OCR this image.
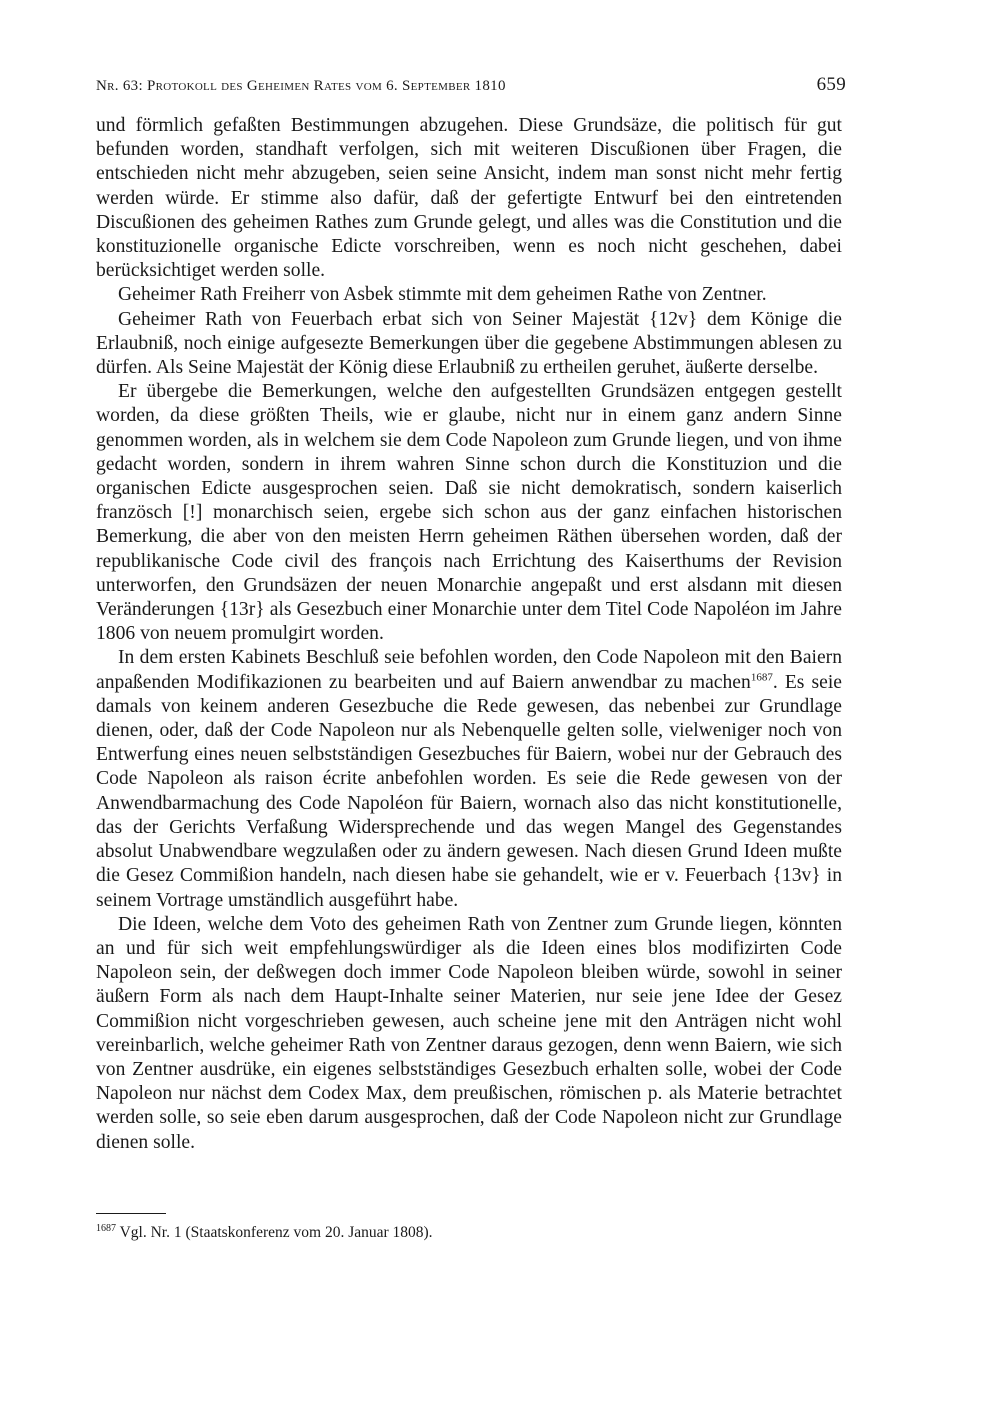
Nr. 63: Protokoll des Geheimen Rates vom 6. September 1810	659

und förmlich gefaßten Bestimmungen abzugehen. Diese Grundsäze, die politisch für gut befunden worden, standhaft verfolgen, sich mit weiteren Discußionen über Fragen, die entschieden nicht mehr abzugeben, seien seine Ansicht, indem man sonst nicht mehr fertig werden würde. Er stimme also dafür, daß der gefertigte Entwurf bei den eintretenden Discußionen des geheimen Rathes zum Grunde gelegt, und alles was die Constitution und die konstituzionelle organische Edicte vorschreiben, wenn es noch nicht geschehen, dabei berücksichtiget werden solle.

Geheimer Rath Freiherr von Asbek stimmte mit dem geheimen Rathe von Zentner.

Geheimer Rath von Feuerbach erbat sich von Seiner Majestät {12v} dem Könige die Erlaubniß, noch einige aufgesezte Bemerkungen über die gegebene Abstimmungen ablesen zu dürfen. Als Seine Majestät der König diese Erlaubniß zu ertheilen geruhet, äußerte derselbe.

Er übergebe die Bemerkungen, welche den aufgestellten Grundsäzen entgegen gestellt worden, da diese größten Theils, wie er glaube, nicht nur in einem ganz andern Sinne genommen worden, als in welchem sie dem Code Napoleon zum Grunde liegen, und von ihme gedacht worden, sondern in ihrem wahren Sinne schon durch die Konstituzion und die organischen Edicte ausgesprochen seien. Daß sie nicht demokratisch, sondern kaiserlich französch [!] monarchisch seien, ergebe sich schon aus der ganz einfachen historischen Bemerkung, die aber von den meisten Herrn geheimen Räthen übersehen worden, daß der republikanische Code civil des françois nach Errichtung des Kaiserthums der Revision unterworfen, den Grundsäzen der neuen Monarchie angepaßt und erst alsdann mit diesen Veränderungen {13r} als Gesezbuch einer Monarchie unter dem Titel Code Napoléon im Jahre 1806 von neuem promulgirt worden.

In dem ersten Kabinets Beschluß seie befohlen worden, den Code Napoleon mit den Baiern anpaßenden Modifikazionen zu bearbeiten und auf Baiern anwendbar zu machen$^{1687}$. Es seie damals von keinem anderen Gesezbuche die Rede gewesen, das nebenbei zur Grundlage dienen, oder, daß der Code Napoleon nur als Nebenquelle gelten solle, vielweniger noch von Entwerfung eines neuen selbstständigen Gesezbuches für Baiern, wobei nur der Gebrauch des Code Napoleon als raison écrite anbefohlen worden. Es seie die Rede gewesen von der Anwendbarmachung des Code Napoléon für Baiern, wornach also das nicht konstitutionelle, das der Gerichts Verfaßung Widersprechende und das wegen Mangel des Gegenstandes absolut Unabwendbare wegzulaßen oder zu ändern gewesen. Nach diesen Grund Ideen mußte die Gesez Commißion handeln, nach diesen habe sie gehandelt, wie er v. Feuerbach {13v} in seinem Vortrage umständlich ausgeführt habe.

Die Ideen, welche dem Voto des geheimen Rath von Zentner zum Grunde liegen, könnten an und für sich weit empfehlungswürdiger als die Ideen eines blos modifizirten Code Napoleon sein, der deßwegen doch immer Code Napoleon bleiben würde, sowohl in seiner äußern Form als nach dem Haupt-Inhalte seiner Materien, nur seie jene Idee der Gesez Commißion nicht vorgeschrieben gewesen, auch scheine jene mit den Anträgen nicht wohl vereinbarlich, welche geheimer Rath von Zentner daraus gezogen, denn wenn Baiern, wie sich von Zentner ausdrüke, ein eigenes selbstständiges Gesezbuch erhalten solle, wobei der Code Napoleon nur nächst dem Codex Max, dem preußischen, römischen p. als Materie betrachtet werden solle, so seie eben darum ausgesprochen, daß der Code Napoleon nicht zur Grundlage dienen solle.

$^{1687}$ Vgl. Nr. 1 (Staatskonferenz vom 20. Januar 1808).
